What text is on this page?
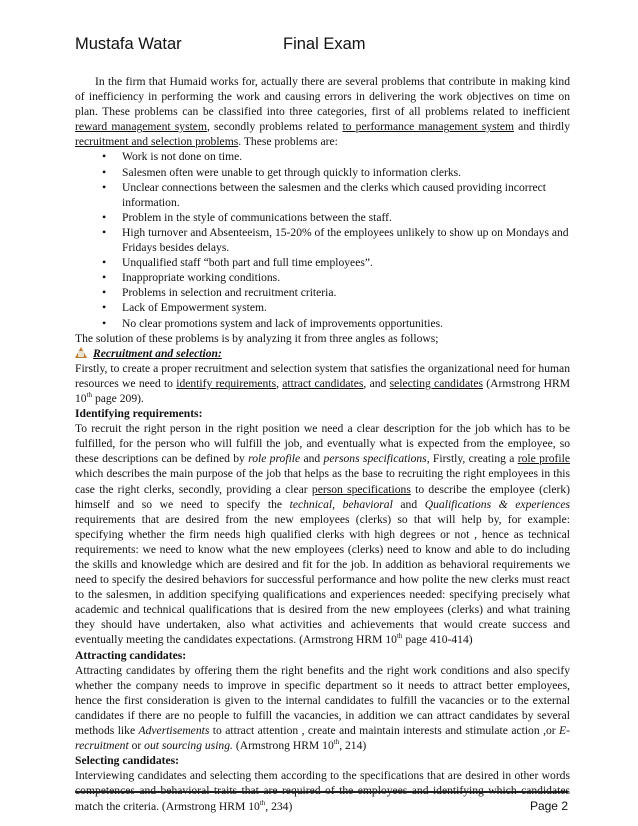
Mustafa Watar	Final Exam

In the firm that Humaid works for, actually there are several problems that contribute in making kind of inefficiency in performing the work and causing errors in delivering the work objectives on time on plan. These problems can be classified into three categories, first of all problems related to inefficient reward management system, secondly problems related to performance management system and thirdly recruitment and selection problems. These problems are:

• Work is not done on time.
• Salesmen often were unable to get through quickly to information clerks.
• Unclear connections between the salesmen and the clerks which caused providing incorrect information.
• Problem in the style of communications between the staff.
• High turnover and Absenteeism, 15-20% of the employees unlikely to show up on Mondays and Fridays besides delays.
• Unqualified staff “both part and full time employees”.
• Inappropriate working conditions.
• Problems in selection and recruitment criteria.
• Lack of Empowerment system.
• No clear promotions system and lack of improvements opportunities.

The solution of these problems is by analyzing it from three angles as follows;

Recruitment and selection:

Firstly, to create a proper recruitment and selection system that satisfies the organizational need for human resources we need to identify requirements, attract candidates, and selecting candidates (Armstrong HRM 10th page 209).

Identifying requirements:

To recruit the right person in the right position we need a clear description for the job which has to be fulfilled, for the person who will fulfill the job, and eventually what is expected from the employee, so these descriptions can be defined by role profile and persons specifications, Firstly, creating a role profile which describes the main purpose of the job that helps as the base to recruiting the right employees in this case the right clerks, secondly, providing a clear person specifications to describe the employee (clerk) himself and so we need to specify the technical, behavioral and Qualifications & experiences requirements that are desired from the new employees (clerks) so that will help by, for example: specifying whether the firm needs high qualified clerks with high degrees or not , hence as technical requirements: we need to know what the new employees (clerks) need to know and able to do including the skills and knowledge which are desired and fit for the job. In addition as behavioral requirements we need to specify the desired behaviors for successful performance and how polite the new clerks must react to the salesmen, in addition specifying qualifications and experiences needed: specifying precisely what academic and technical qualifications that is desired from the new employees (clerks) and what training they should have undertaken, also what activities and achievements that would create success and eventually meeting the candidates expectations. (Armstrong HRM 10th page 410-414)

Attracting candidates:

Attracting candidates by offering them the right benefits and the right work conditions and also specify whether the company needs to improve in specific department so it needs to attract better employees, hence the first consideration is given to the internal candidates to fulfill the vacancies or to the external candidates if there are no people to fulfill the vacancies, in addition we can attract candidates by several methods like Advertisements to attract attention , create and maintain interests and stimulate action ,or E-recruitment or out sourcing using. (Armstrong HRM 10th, 214)

Selecting candidates:

Interviewing candidates and selecting them according to the specifications that are desired in other words competences and behavioral traits that are required of the employees and identifying which candidates match the criteria. (Armstrong HRM 10th, 234)	Page 2
